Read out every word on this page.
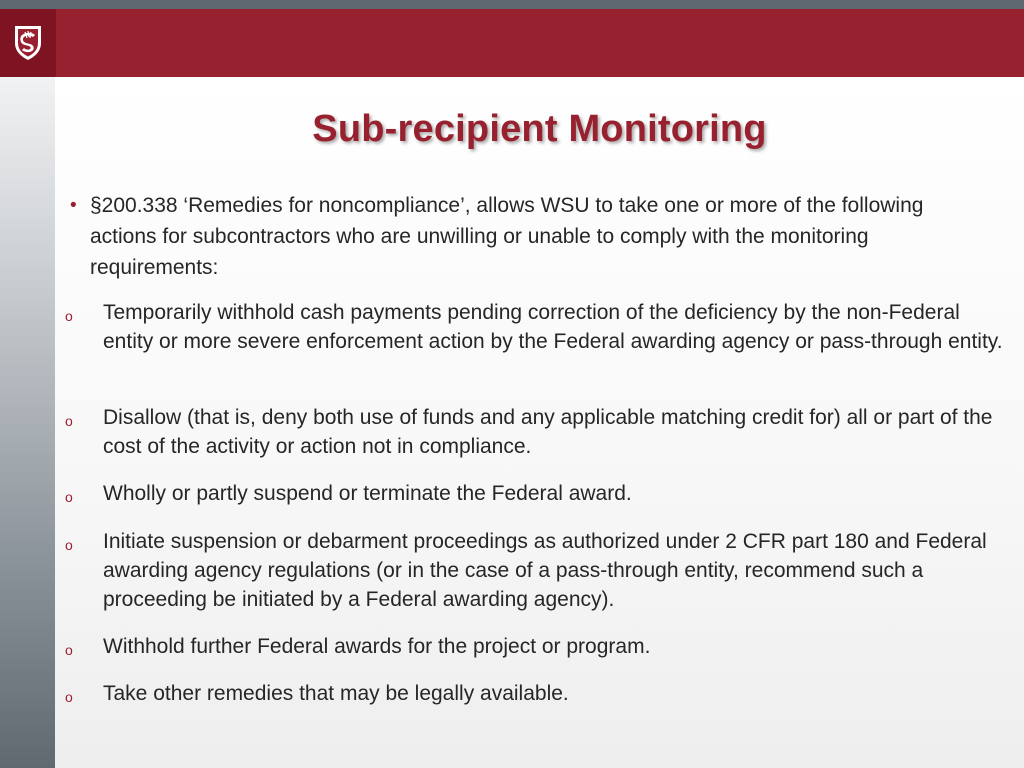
Sub-recipient Monitoring
• §200.338 ‘Remedies for noncompliance’, allows WSU to take one or more of the following actions for subcontractors who are unwilling or unable to comply with the monitoring requirements:
o Temporarily withhold cash payments pending correction of the deficiency by the non-Federal entity or more severe enforcement action by the Federal awarding agency or pass-through entity.
o Disallow (that is, deny both use of funds and any applicable matching credit for) all or part of the cost of the activity or action not in compliance.
o Wholly or partly suspend or terminate the Federal award.
o Initiate suspension or debarment proceedings as authorized under 2 CFR part 180 and Federal awarding agency regulations (or in the case of a pass-through entity, recommend such a proceeding be initiated by a Federal awarding agency).
o Withhold further Federal awards for the project or program.
o Take other remedies that may be legally available.
